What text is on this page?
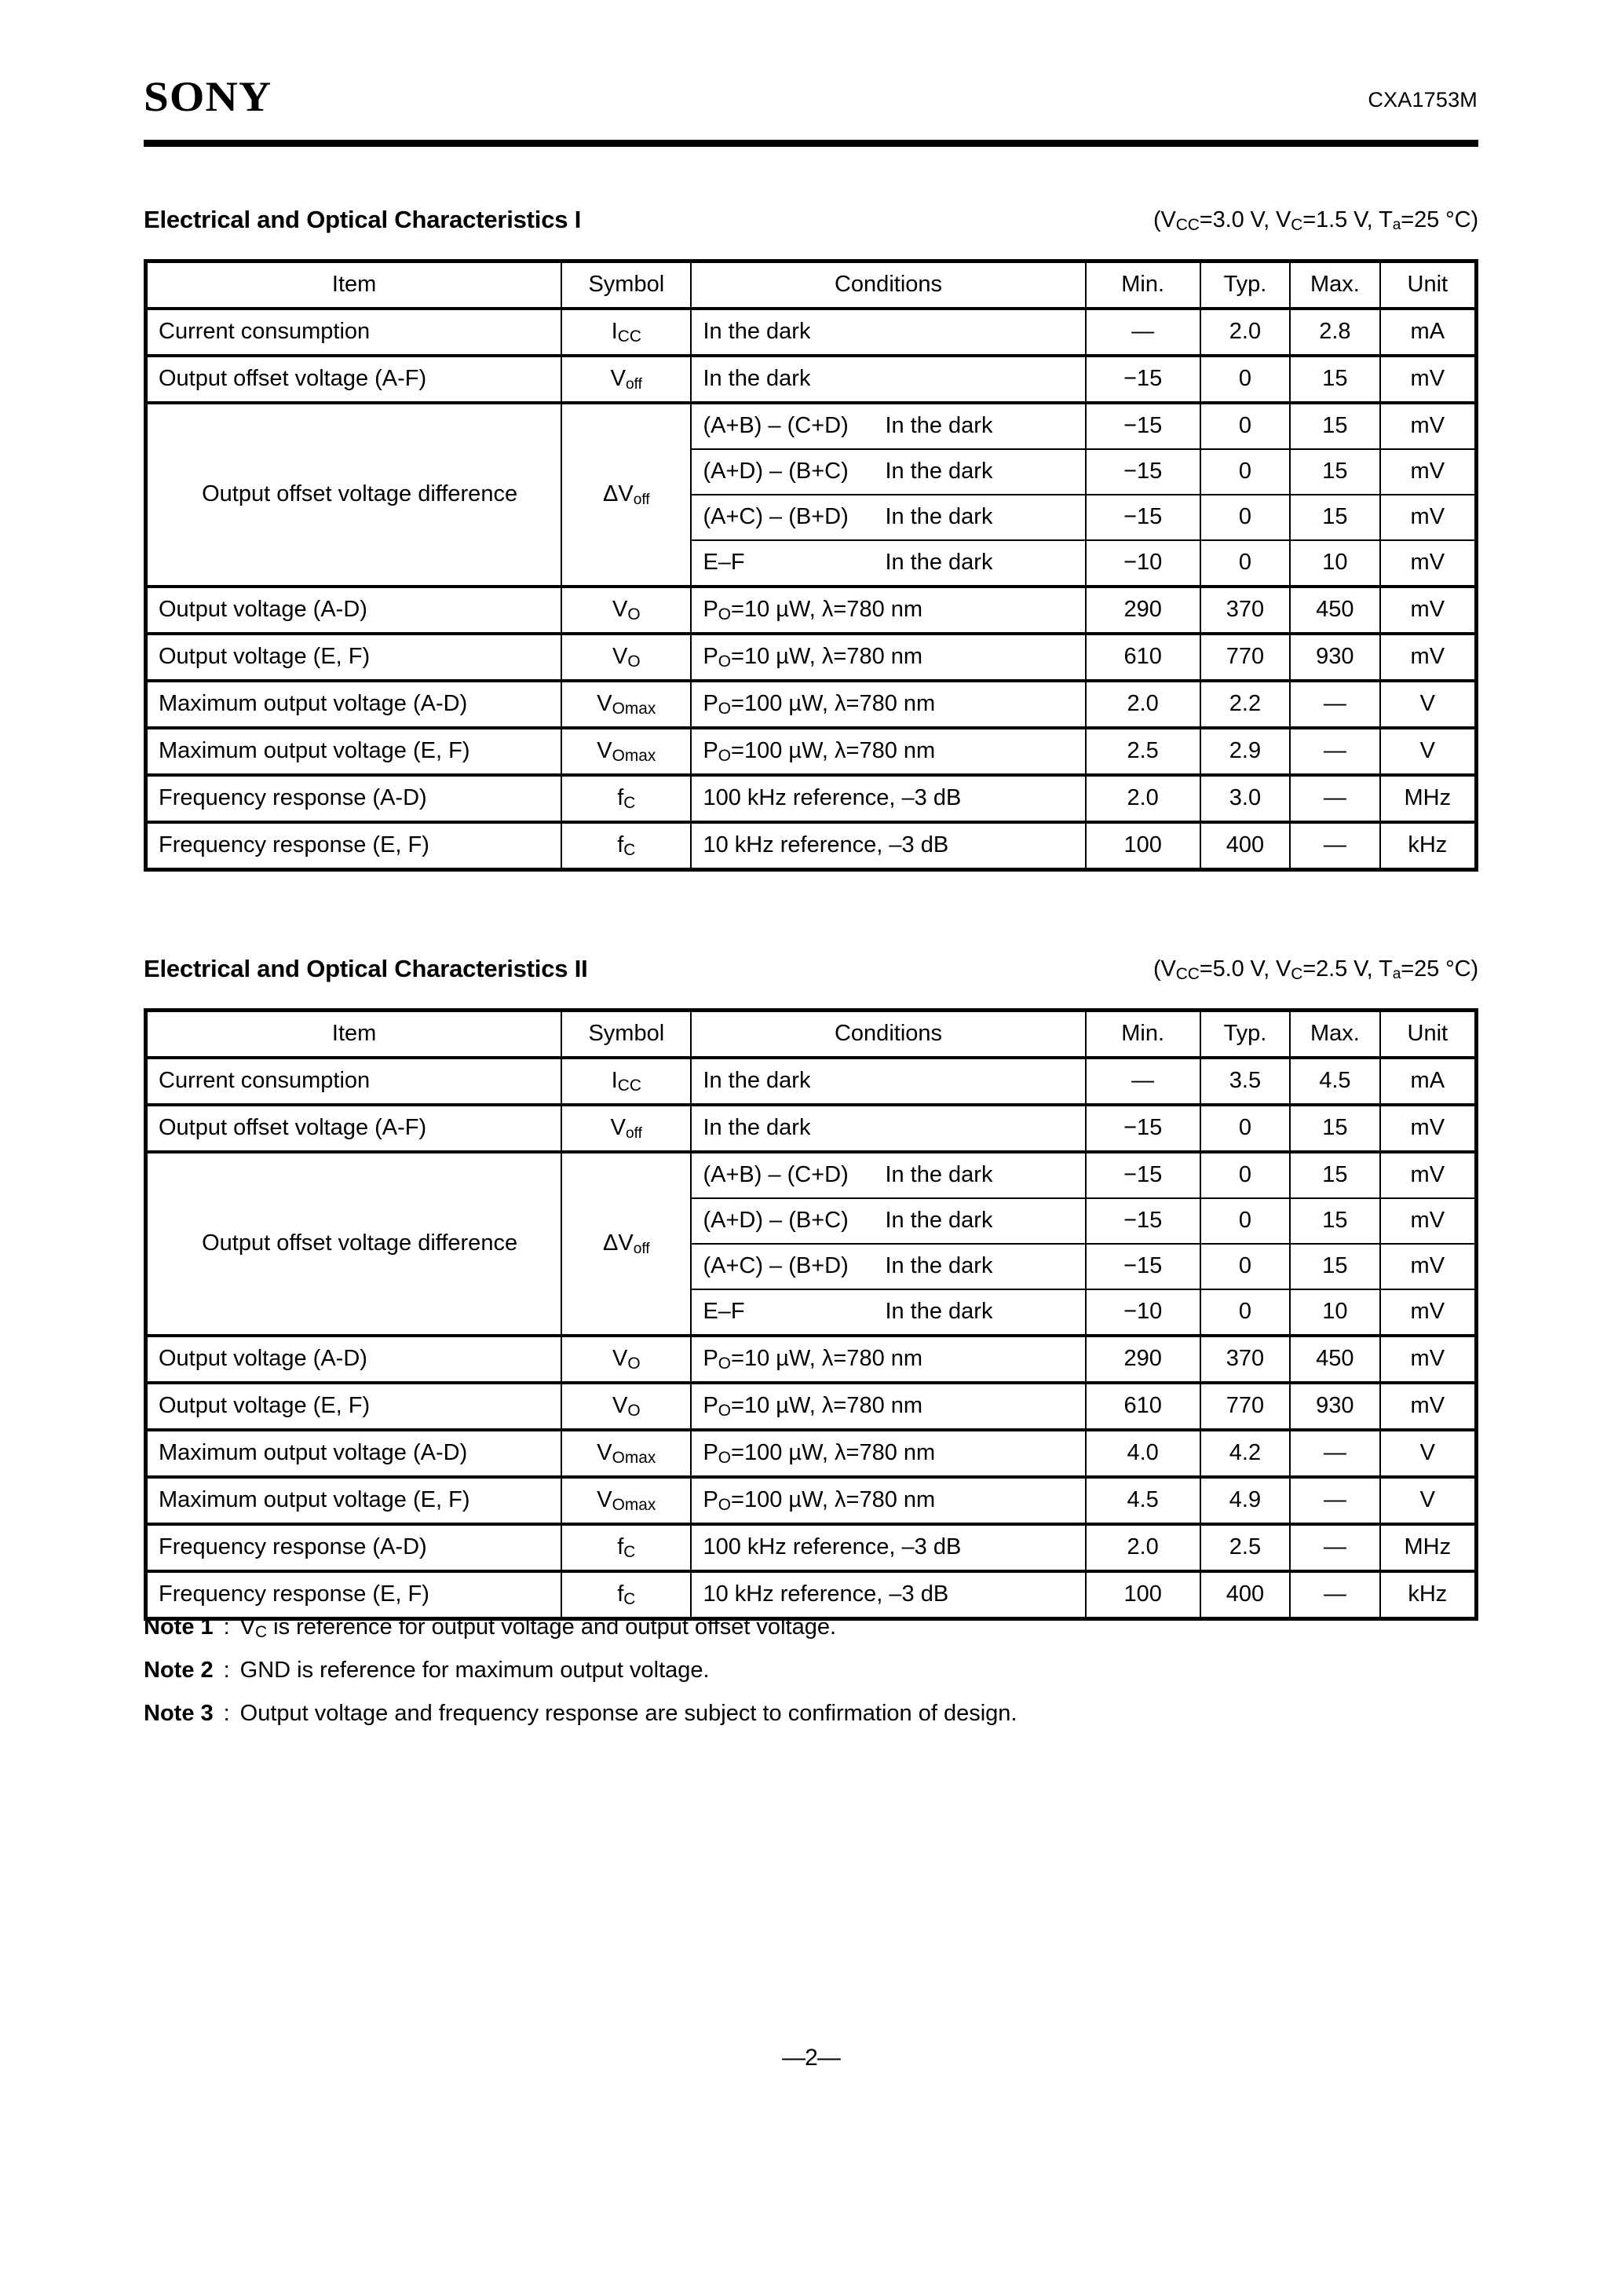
SONY	CXA1753M
Electrical and Optical Characteristics I	($V_{CC}=3.0$ V, $V_C=1.5$ V, $T_a=25$ °C)
Item	Symbol	Conditions	Min.	Typ.	Max.	Unit
Current consumption	$I_{CC}$	In the dark	—	2.0	2.8	mA
Output offset voltage (A-F)	$V_{off}$	In the dark	−15	0	15	mV
Output offset voltage difference	$\Delta V_{off}$	(A+B) – (C+D) In the dark	−15	0	15	mV
		(A+D) – (B+C) In the dark	−15	0	15	mV
		(A+C) – (B+D) In the dark	−15	0	15	mV
		E–F In the dark	−10	0	10	mV
Output voltage (A-D)	$V_O$	$P_O=10$ µW, λ=780 nm	290	370	450	mV
Output voltage (E, F)	$V_O$	$P_O=10$ µW, λ=780 nm	610	770	930	mV
Maximum output voltage (A-D)	$V_{Omax}$	$P_O=100$ µW, λ=780 nm	2.0	2.2	—	V
Maximum output voltage (E, F)	$V_{Omax}$	$P_O=100$ µW, λ=780 nm	2.5	2.9	—	V
Frequency response (A-D)	$f_C$	100 kHz reference, –3 dB	2.0	3.0	—	MHz
Frequency response (E, F)	$f_C$	10 kHz reference, –3 dB	100	400	—	kHz
Electrical and Optical Characteristics II	($V_{CC}=5.0$ V, $V_C=2.5$ V, $T_a=25$ °C)
Item	Symbol	Conditions	Min.	Typ.	Max.	Unit
Current consumption	$I_{CC}$	In the dark	—	3.5	4.5	mA
Output offset voltage (A-F)	$V_{off}$	In the dark	−15	0	15	mV
Output offset voltage difference	$\Delta V_{off}$	(A+B) – (C+D) In the dark	−15	0	15	mV
		(A+D) – (B+C) In the dark	−15	0	15	mV
		(A+C) – (B+D) In the dark	−15	0	15	mV
		E–F In the dark	−10	0	10	mV
Output voltage (A-D)	$V_O$	$P_O=10$ µW, λ=780 nm	290	370	450	mV
Output voltage (E, F)	$V_O$	$P_O=10$ µW, λ=780 nm	610	770	930	mV
Maximum output voltage (A-D)	$V_{Omax}$	$P_O=100$ µW, λ=780 nm	4.0	4.2	—	V
Maximum output voltage (E, F)	$V_{Omax}$	$P_O=100$ µW, λ=780 nm	4.5	4.9	—	V
Frequency response (A-D)	$f_C$	100 kHz reference, –3 dB	2.0	2.5	—	MHz
Frequency response (E, F)	$f_C$	10 kHz reference, –3 dB	100	400	—	kHz
Note 1 : $V_C$ is reference for output voltage and output offset voltage.
Note 2 : GND is reference for maximum output voltage.
Note 3 : Output voltage and frequency response are subject to confirmation of design.
—2—
